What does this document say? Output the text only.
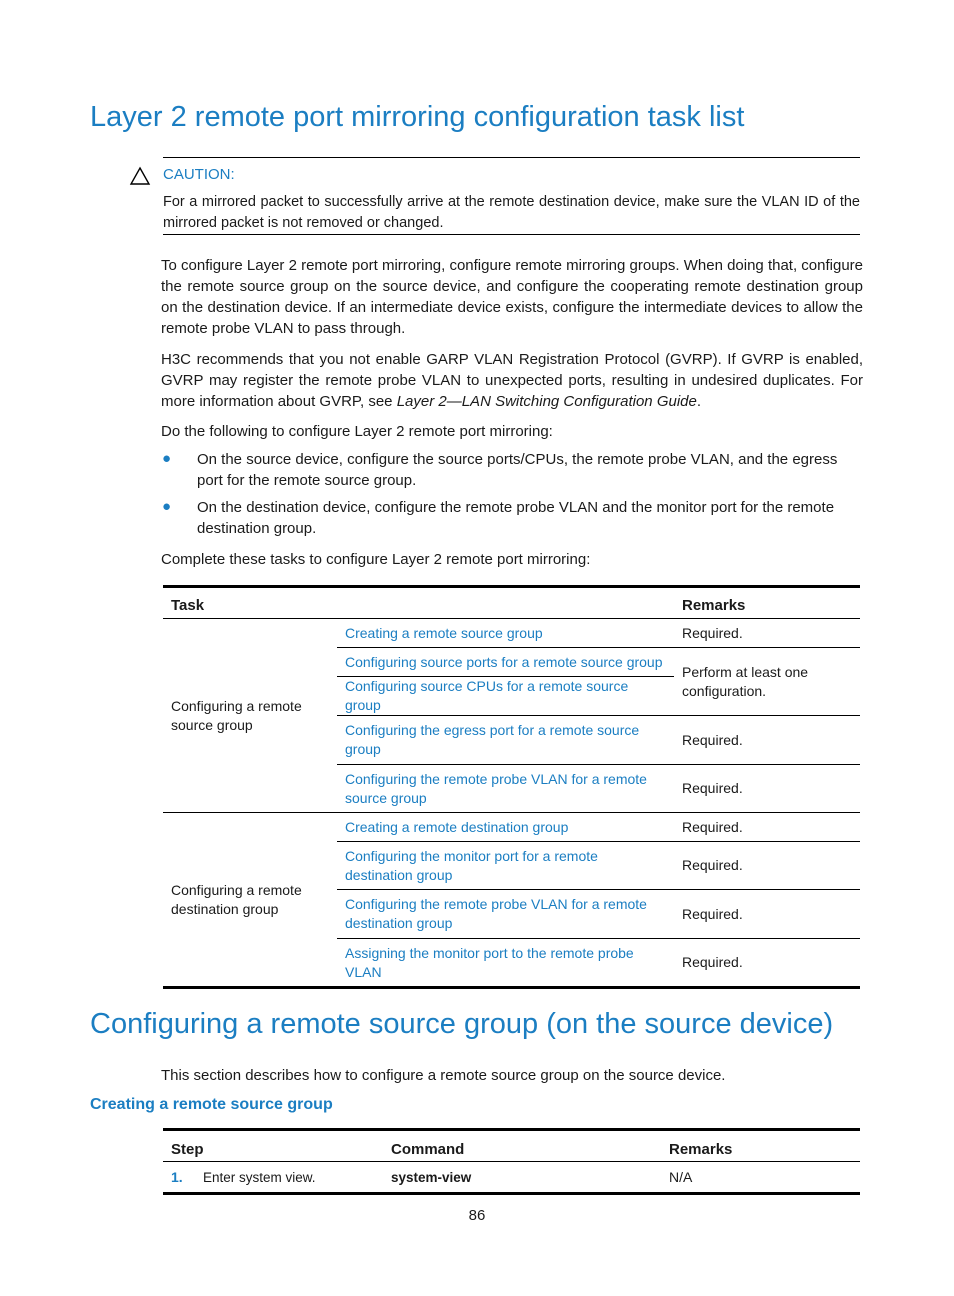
Layer 2 remote port mirroring configuration task list
CAUTION:
For a mirrored packet to successfully arrive at the remote destination device, make sure the VLAN ID of the mirrored packet is not removed or changed.
To configure Layer 2 remote port mirroring, configure remote mirroring groups. When doing that, configure the remote source group on the source device, and configure the cooperating remote destination group on the destination device. If an intermediate device exists, configure the intermediate devices to allow the remote probe VLAN to pass through.
H3C recommends that you not enable GARP VLAN Registration Protocol (GVRP). If GVRP is enabled, GVRP may register the remote probe VLAN to unexpected ports, resulting in undesired duplicates. For more information about GVRP, see Layer 2—LAN Switching Configuration Guide.
Do the following to configure Layer 2 remote port mirroring:
● On the source device, configure the source ports/CPUs, the remote probe VLAN, and the egress port for the remote source group.
● On the destination device, configure the remote probe VLAN and the monitor port for the remote destination group.
Complete these tasks to configure Layer 2 remote port mirroring:
Task		Remarks
Configuring a remote source group	Creating a remote source group	Required.
	Configuring source ports for a remote source group	Perform at least one configuration.
	Configuring source CPUs for a remote source group	
	Configuring the egress port for a remote source group	Required.
	Configuring the remote probe VLAN for a remote source group	Required.
Configuring a remote destination group	Creating a remote destination group	Required.
	Configuring the monitor port for a remote destination group	Required.
	Configuring the remote probe VLAN for a remote destination group	Required.
	Assigning the monitor port to the remote probe VLAN	Required.
Configuring a remote source group (on the source device)
This section describes how to configure a remote source group on the source device.
Creating a remote source group
Step	Command	Remarks
1. Enter system view.	system-view	N/A
86
